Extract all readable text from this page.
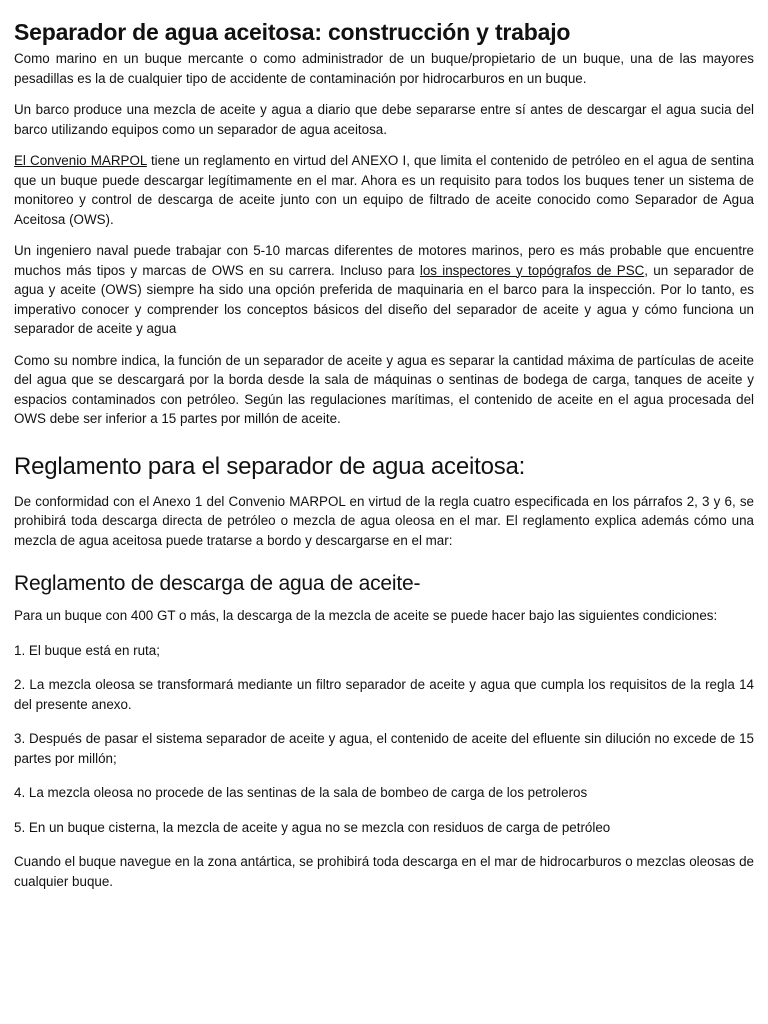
Separador de agua aceitosa: construcción y trabajo

Como marino en un buque mercante o como administrador de un buque/propietario de un buque, una de las mayores pesadillas es la de cualquier tipo de accidente de contaminación por hidrocarburos en un buque.

Un barco produce una mezcla de aceite y agua a diario que debe separarse entre sí antes de descargar el agua sucia del barco utilizando equipos como un separador de agua aceitosa.

El Convenio MARPOL tiene un reglamento en virtud del ANEXO I, que limita el contenido de petróleo en el agua de sentina que un buque puede descargar legítimamente en el mar. Ahora es un requisito para todos los buques tener un sistema de monitoreo y control de descarga de aceite junto con un equipo de filtrado de aceite conocido como Separador de Agua Aceitosa (OWS).

Un ingeniero naval puede trabajar con 5-10 marcas diferentes de motores marinos, pero es más probable que encuentre muchos más tipos y marcas de OWS en su carrera. Incluso para los inspectores y topógrafos de PSC, un separador de agua y aceite (OWS) siempre ha sido una opción preferida de maquinaria en el barco para la inspección. Por lo tanto, es imperativo conocer y comprender los conceptos básicos del diseño del separador de aceite y agua y cómo funciona un separador de aceite y agua

Como su nombre indica, la función de un separador de aceite y agua es separar la cantidad máxima de partículas de aceite del agua que se descargará por la borda desde la sala de máquinas o sentinas de bodega de carga, tanques de aceite y espacios contaminados con petróleo. Según las regulaciones marítimas, el contenido de aceite en el agua procesada del OWS debe ser inferior a 15 partes por millón de aceite.

Reglamento para el separador de agua aceitosa:

De conformidad con el Anexo 1 del Convenio MARPOL en virtud de la regla cuatro especificada en los párrafos 2, 3 y 6, se prohibirá toda descarga directa de petróleo o mezcla de agua oleosa en el mar. El reglamento explica además cómo una mezcla de agua aceitosa puede tratarse a bordo y descargarse en el mar:

Reglamento de descarga de agua de aceite-

Para un buque con 400 GT o más, la descarga de la mezcla de aceite se puede hacer bajo las siguientes condiciones:

1. El buque está en ruta;

2. La mezcla oleosa se transformará mediante un filtro separador de aceite y agua que cumpla los requisitos de la regla 14 del presente anexo.

3. Después de pasar el sistema separador de aceite y agua, el contenido de aceite del efluente sin dilución no excede de 15 partes por millón;

4. La mezcla oleosa no procede de las sentinas de la sala de bombeo de carga de los petroleros

5. En un buque cisterna, la mezcla de aceite y agua no se mezcla con residuos de carga de petróleo

Cuando el buque navegue en la zona antártica, se prohibirá toda descarga en el mar de hidrocarburos o mezclas oleosas de cualquier buque.
